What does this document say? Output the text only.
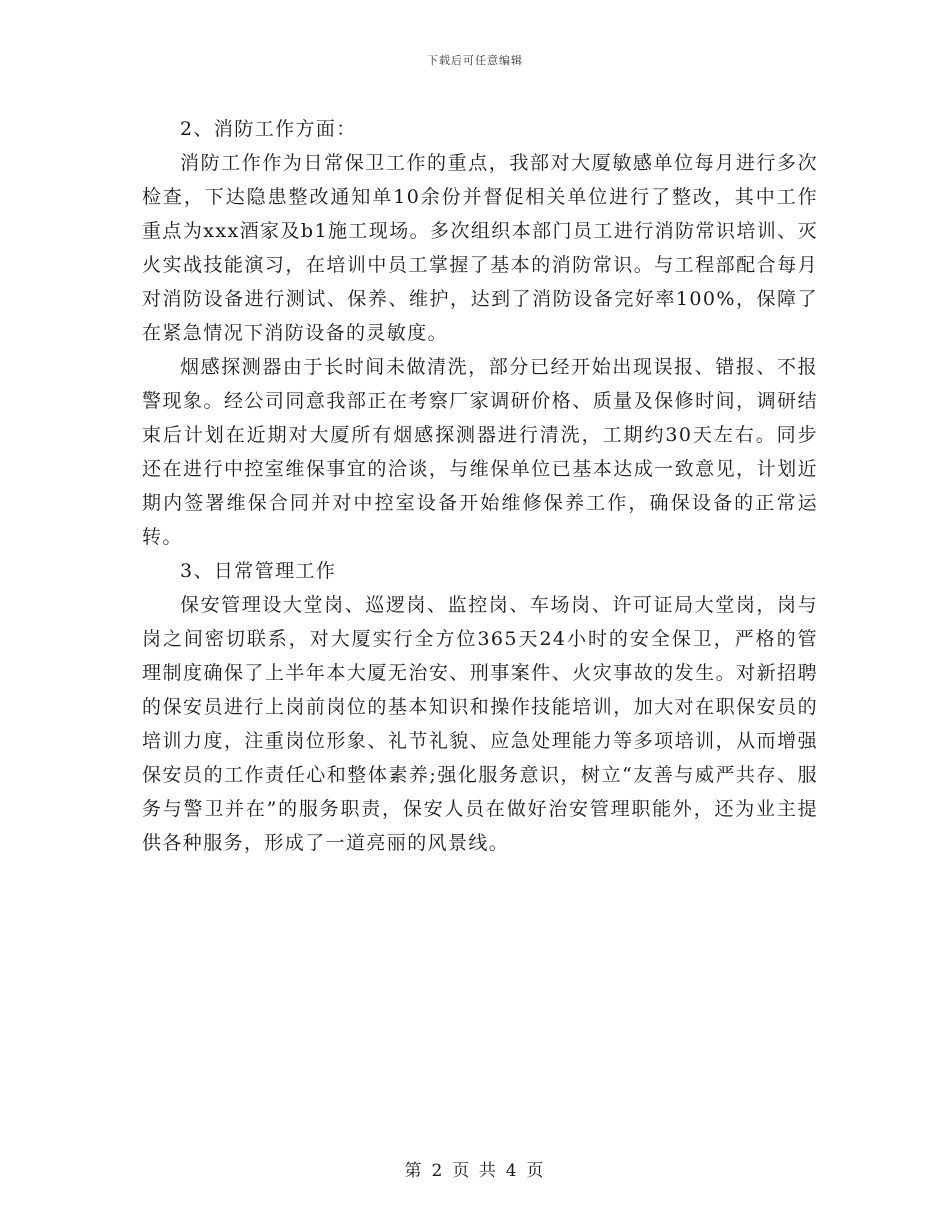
下载后可任意编辑

2、消防工作方面：

消防工作作为日常保卫工作的重点，我部对大厦敏感单位每月进行多次检查，下达隐患整改通知单10余份并督促相关单位进行了整改，其中工作重点为xxx酒家及b1施工现场。多次组织本部门员工进行消防常识培训、灭火实战技能演习，在培训中员工掌握了基本的消防常识。与工程部配合每月对消防设备进行测试、保养、维护，达到了消防设备完好率100%，保障了在紧急情况下消防设备的灵敏度。

烟感探测器由于长时间未做清洗，部分已经开始出现误报、错报、不报警现象。经公司同意我部正在考察厂家调研价格、质量及保修时间，调研结束后计划在近期对大厦所有烟感探测器进行清洗，工期约30天左右。同步还在进行中控室维保事宜的洽谈，与维保单位已基本达成一致意见，计划近期内签署维保合同并对中控室设备开始维修保养工作，确保设备的正常运转。

3、日常管理工作

保安管理设大堂岗、巡逻岗、监控岗、车场岗、许可证局大堂岗，岗与岗之间密切联系，对大厦实行全方位365天24小时的安全保卫，严格的管理制度确保了上半年本大厦无治安、刑事案件、火灾事故的发生。对新招聘的保安员进行上岗前岗位的基本知识和操作技能培训，加大对在职保安员的培训力度，注重岗位形象、礼节礼貌、应急处理能力等多项培训，从而增强保安员的工作责任心和整体素养;强化服务意识，树立“友善与威严共存、服务与警卫并在”的服务职责，保安人员在做好治安管理职能外，还为业主提供各种服务，形成了一道亮丽的风景线。

第 2 页 共 4 页
